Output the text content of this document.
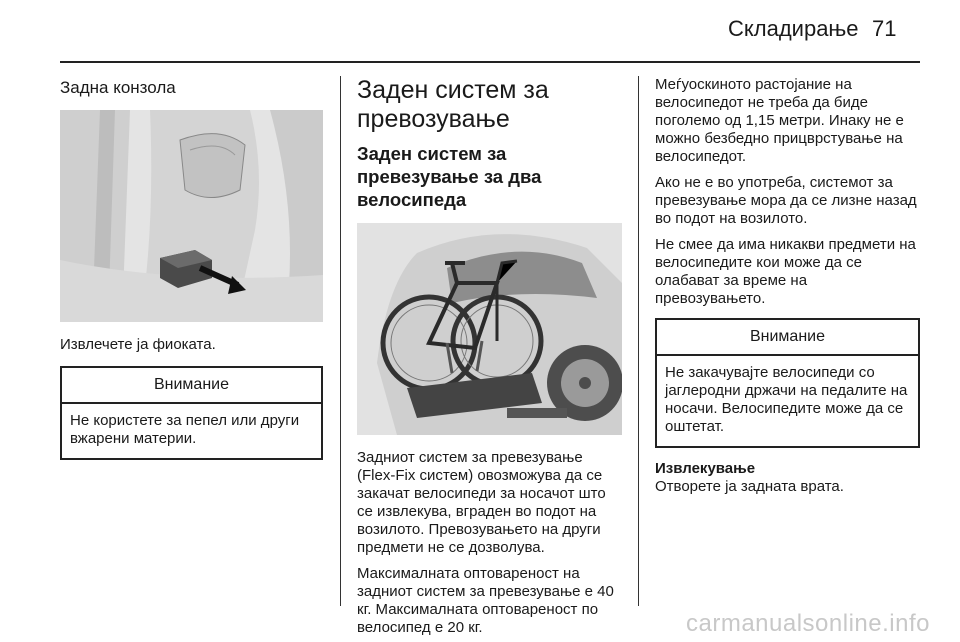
Складирање 71
Задна конзола

Извлечете ја фиоката.

Внимание
Не користете за пепел или други вжарени материи.
Заден систем за превозување
Заден систем за превезување за два велосипеда

Задниот систем за превезување (Flex-Fix систем) овозможува да се закачат велосипеди за носачот што се извлекува, вграден во подот на возилото. Превозувањето на други предмети не се дозволува.

Максималната оптовареност на задниот систем за превезување е 40 кг. Максималната оптовареност по велосипед е 20 кг.

Меѓуоскиното растојание на велосипедот не треба да биде поголемо од 1,15 метри. Инаку не е можно безбедно прицврстување на велосипедот.

Ако не е во употреба, системот за превезување мора да се лизне назад во подот на возилото.

Не смее да има никакви предмети на велосипедите кои може да се олабават за време на превозувањето.

Внимание
Не закачувајте велосипеди со јаглеродни држачи на педалите на носачи. Велосипедите може да се оштетат.
Извлекување

Отворете ја задната врата.

carmanualsonline.info
